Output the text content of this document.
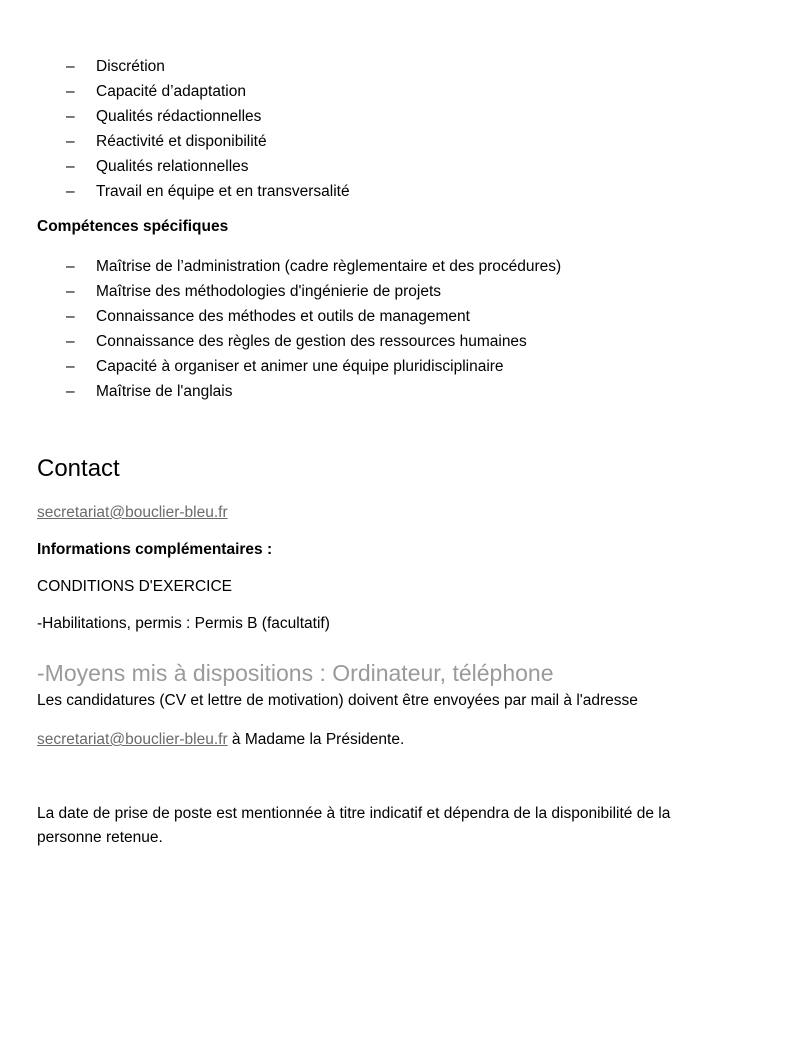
–	Discrétion
–	Capacité d’adaptation
–	Qualités rédactionnelles
–	Réactivité et disponibilité
–	Qualités relationnelles
–	Travail en équipe et en transversalité
Compétences spécifiques
–	Maîtrise de l’administration (cadre règlementaire et des procédures)
–	Maîtrise des méthodologies d'ingénierie de projets
–	Connaissance des méthodes et outils de management
–	Connaissance des règles de gestion des ressources humaines
–	Capacité à organiser et animer une équipe pluridisciplinaire
–	Maîtrise de l'anglais
Contact
secretariat@bouclier-bleu.fr
Informations complémentaires :
CONDITIONS D'EXERCICE
-Habilitations, permis : Permis B (facultatif)
-Moyens mis à dispositions : Ordinateur, téléphone
Les candidatures (CV et lettre de motivation) doivent être envoyées par mail à l'adresse
secretariat@bouclier-bleu.fr à Madame la Présidente.
La date de prise de poste est mentionnée à titre indicatif et dépendra de la disponibilité de la personne retenue.
